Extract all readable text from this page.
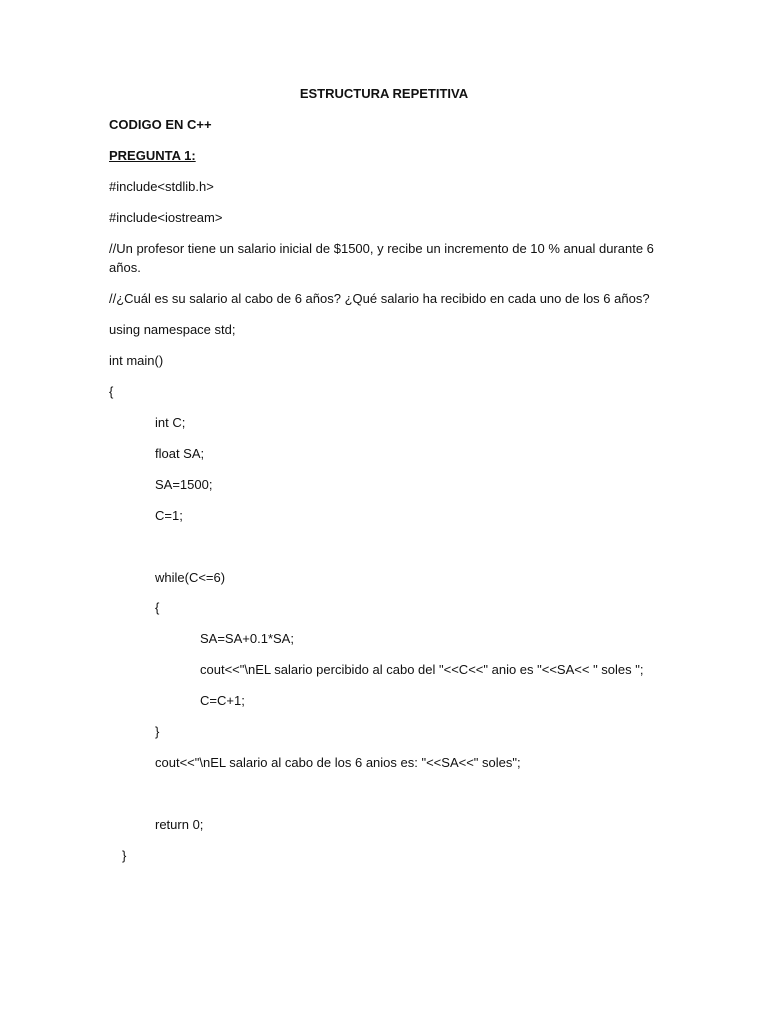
ESTRUCTURA REPETITIVA
CODIGO EN C++
PREGUNTA 1:
#include<stdlib.h>
#include<iostream>
//Un profesor tiene un salario inicial de $1500, y recibe un incremento de 10 % anual durante 6 años.
//¿Cuál es su salario al cabo de 6 años? ¿Qué salario ha recibido en cada uno de los 6 años?
using namespace std;
int main()
{
int C;
float SA;
SA=1500;
C=1;
while(C<=6)
{
SA=SA+0.1*SA;
cout<<"\nEL salario percibido al cabo del "<<C<<" anio es "<<SA<< " soles ";
C=C+1;
}
cout<<"\nEL salario al cabo de los 6 anios es: "<<SA<<" soles";
return 0;
}
